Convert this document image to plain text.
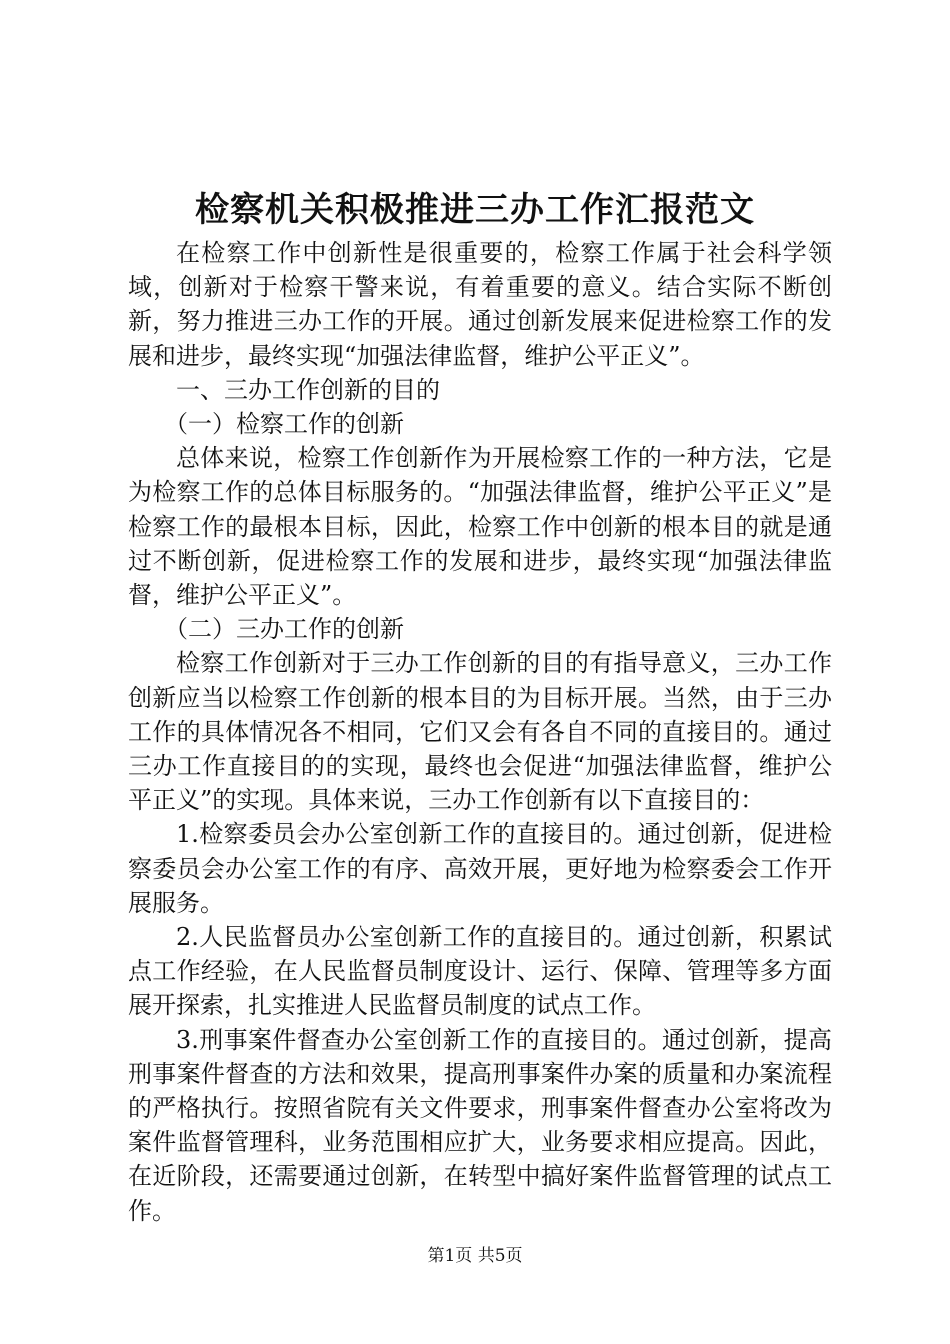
检察机关积极推进三办工作汇报范文

在检察工作中创新性是很重要的，检察工作属于社会科学领域，创新对于检察干警来说，有着重要的意义。结合实际不断创新，努力推进三办工作的开展。通过创新发展来促进检察工作的发展和进步，最终实现“加强法律监督，维护公平正义”。

一、三办工作创新的目的

（一）检察工作的创新

总体来说，检察工作创新作为开展检察工作的一种方法，它是为检察工作的总体目标服务的。“加强法律监督，维护公平正义”是检察工作的最根本目标，因此，检察工作中创新的根本目的就是通过不断创新，促进检察工作的发展和进步，最终实现“加强法律监督，维护公平正义”。

（二）三办工作的创新

检察工作创新对于三办工作创新的目的有指导意义，三办工作创新应当以检察工作创新的根本目的为目标开展。当然，由于三办工作的具体情况各不相同，它们又会有各自不同的直接目的。通过三办工作直接目的的实现，最终也会促进“加强法律监督，维护公平正义”的实现。具体来说，三办工作创新有以下直接目的：

1.检察委员会办公室创新工作的直接目的。通过创新，促进检察委员会办公室工作的有序、高效开展，更好地为检察委会工作开展服务。

2.人民监督员办公室创新工作的直接目的。通过创新，积累试点工作经验，在人民监督员制度设计、运行、保障、管理等多方面展开探索，扎实推进人民监督员制度的试点工作。

3.刑事案件督查办公室创新工作的直接目的。通过创新，提高刑事案件督查的方法和效果，提高刑事案件办案的质量和办案流程的严格执行。按照省院有关文件要求，刑事案件督查办公室将改为案件监督管理科，业务范围相应扩大，业务要求相应提高。因此，在近阶段，还需要通过创新，在转型中搞好案件监督管理的试点工作。

第1页 共5页
